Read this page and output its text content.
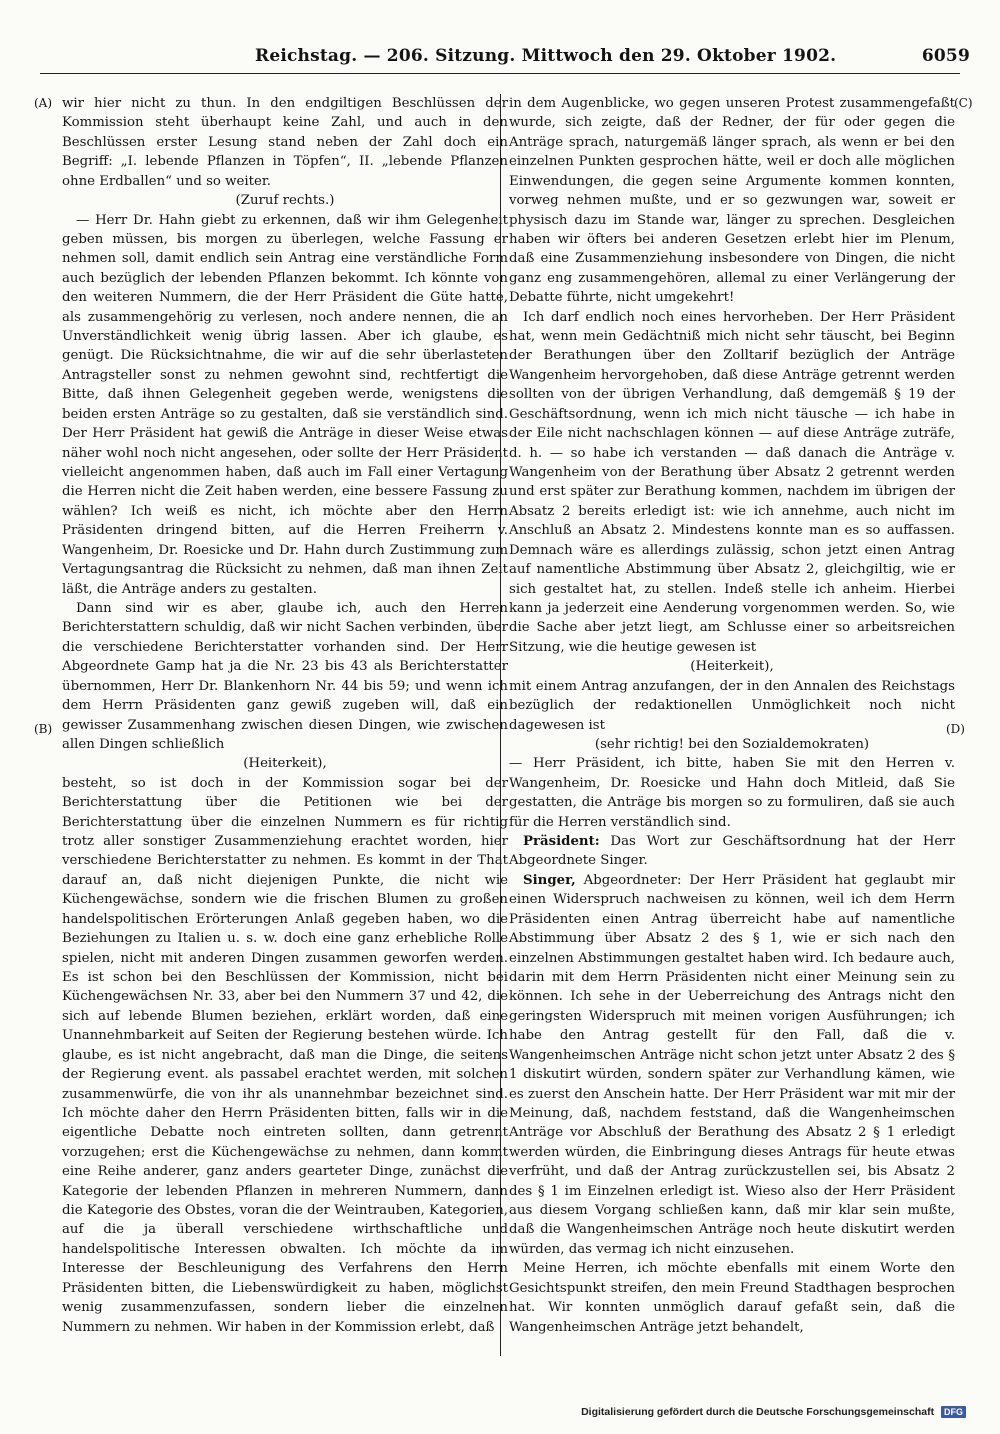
Reichstag. — 206. Sitzung. Mittwoch den 29. Oktober 1902.	6059
(A)
(B)
(C)
(D)

wir hier nicht zu thun. In den endgiltigen Beschlüssen der Kommission steht überhaupt keine Zahl, und auch in den Beschlüssen erster Lesung stand neben der Zahl doch ein Begriff: „I. lebende Pflanzen in Töpfen“, II. „lebende Pflanzen ohne Erdballen“ und so weiter.

(Zuruf rechts.)

— Herr Dr. Hahn giebt zu erkennen, daß wir ihm Gelegenheit geben müssen, bis morgen zu überlegen, welche Fassung er nehmen soll, damit endlich sein Antrag eine verständliche Form auch bezüglich der lebenden Pflanzen bekommt. Ich könnte von den weiteren Nummern, die der Herr Präsident die Güte hatte, als zusammengehörig zu verlesen, noch andere nennen, die an Unverständlichkeit wenig übrig lassen. Aber ich glaube, es genügt. Die Rücksichtnahme, die wir auf die sehr überlasteten Antragsteller sonst zu nehmen gewohnt sind, rechtfertigt die Bitte, daß ihnen Gelegenheit gegeben werde, wenigstens die beiden ersten Anträge so zu gestalten, daß sie verständlich sind. Der Herr Präsident hat gewiß die Anträge in dieser Weise etwas näher wohl noch nicht angesehen, oder sollte der Herr Präsident vielleicht angenommen haben, daß auch im Fall einer Vertagung die Herren nicht die Zeit haben werden, eine bessere Fassung zu wählen? Ich weiß es nicht, ich möchte aber den Herrn Präsidenten dringend bitten, auf die Herren Freiherrn v. Wangenheim, Dr. Roesicke und Dr. Hahn durch Zustimmung zum Vertagungsantrag die Rücksicht zu nehmen, daß man ihnen Zeit läßt, die Anträge anders zu gestalten.

Dann sind wir es aber, glaube ich, auch den Herren Berichterstattern schuldig, daß wir nicht Sachen verbinden, über die verschiedene Berichterstatter vorhanden sind. Der Herr Abgeordnete Gamp hat ja die Nr. 23 bis 43 als Berichterstatter übernommen, Herr Dr. Blankenhorn Nr. 44 bis 59; und wenn ich dem Herrn Präsidenten ganz gewiß zugeben will, daß ein gewisser Zusammenhang zwischen diesen Dingen, wie zwischen allen Dingen schließlich

(Heiterkeit),

besteht, so ist doch in der Kommission sogar bei der Berichterstattung über die Petitionen wie bei der Berichterstattung über die einzelnen Nummern es für richtig trotz aller sonstiger Zusammenziehung erachtet worden, hier verschiedene Berichterstatter zu nehmen. Es kommt in der That darauf an, daß nicht diejenigen Punkte, die nicht wie Küchengewächse, sondern wie die frischen Blumen zu großen handelspolitischen Erörterungen Anlaß gegeben haben, wo die Beziehungen zu Italien u. s. w. doch eine ganz erhebliche Rolle spielen, nicht mit anderen Dingen zusammen geworfen werden. Es ist schon bei den Beschlüssen der Kommission, nicht bei Küchengewächsen Nr. 33, aber bei den Nummern 37 und 42, die sich auf lebende Blumen beziehen, erklärt worden, daß eine Unannehmbarkeit auf Seiten der Regierung bestehen würde. Ich glaube, es ist nicht angebracht, daß man die Dinge, die seitens der Regierung event. als passabel erachtet werden, mit solchen zusammenwürfe, die von ihr als unannehmbar bezeichnet sind. Ich möchte daher den Herrn Präsidenten bitten, falls wir in die eigentliche Debatte noch eintreten sollten, dann getrennt vorzugehen; erst die Küchengewächse zu nehmen, dann kommt eine Reihe anderer, ganz anders gearteter Dinge, zunächst die Kategorie der lebenden Pflanzen in mehreren Nummern, dann die Kategorie des Obstes, voran die der Weintrauben, Kategorien, auf die ja überall verschiedene wirthschaftliche und handelspolitische Interessen obwalten. Ich möchte da im Interesse der Beschleunigung des Verfahrens den Herrn Präsidenten bitten, die Liebenswürdigkeit zu haben, möglichst wenig zusammenzufassen, sondern lieber die einzelnen Nummern zu nehmen. Wir haben in der Kommission erlebt, daß

in dem Augenblicke, wo gegen unseren Protest zusammengefaßt wurde, sich zeigte, daß der Redner, der für oder gegen die Anträge sprach, naturgemäß länger sprach, als wenn er bei den einzelnen Punkten gesprochen hätte, weil er doch alle möglichen Einwendungen, die gegen seine Argumente kommen konnten, vorweg nehmen mußte, und er so gezwungen war, soweit er physisch dazu im Stande war, länger zu sprechen. Desgleichen haben wir öfters bei anderen Gesetzen erlebt hier im Plenum, daß eine Zusammenziehung insbesondere von Dingen, die nicht ganz eng zusammengehören, allemal zu einer Verlängerung der Debatte führte, nicht umgekehrt!

Ich darf endlich noch eines hervorheben. Der Herr Präsident hat, wenn mein Gedächtniß mich nicht sehr täuscht, bei Beginn der Berathungen über den Zolltarif bezüglich der Anträge Wangenheim hervorgehoben, daß diese Anträge getrennt werden sollten von der übrigen Verhandlung, daß demgemäß § 19 der Geschäftsordnung, wenn ich mich nicht täusche — ich habe in der Eile nicht nachschlagen können — auf diese Anträge zuträfe, d. h. — so habe ich verstanden — daß danach die Anträge v. Wangenheim von der Berathung über Absatz 2 getrennt werden und erst später zur Berathung kommen, nachdem im übrigen der Absatz 2 bereits erledigt ist: wie ich annehme, auch nicht im Anschluß an Absatz 2. Mindestens konnte man es so auffassen. Demnach wäre es allerdings zulässig, schon jetzt einen Antrag auf namentliche Abstimmung über Absatz 2, gleichgiltig, wie er sich gestaltet hat, zu stellen. Indeß stelle ich anheim. Hierbei kann ja jederzeit eine Aenderung vorgenommen werden. So, wie die Sache aber jetzt liegt, am Schlusse einer so arbeitsreichen Sitzung, wie die heutige gewesen ist

(Heiterkeit),

mit einem Antrag anzufangen, der in den Annalen des Reichstags bezüglich der redaktionellen Unmöglichkeit noch nicht dagewesen ist

(sehr richtig! bei den Sozialdemokraten)

— Herr Präsident, ich bitte, haben Sie mit den Herren v. Wangenheim, Dr. Roesicke und Hahn doch Mitleid, daß Sie gestatten, die Anträge bis morgen so zu formuliren, daß sie auch für die Herren verständlich sind.

Präsident: Das Wort zur Geschäftsordnung hat der Herr Abgeordnete Singer.

Singer, Abgeordneter: Der Herr Präsident hat geglaubt mir einen Widerspruch nachweisen zu können, weil ich dem Herrn Präsidenten einen Antrag überreicht habe auf namentliche Abstimmung über Absatz 2 des § 1, wie er sich nach den einzelnen Abstimmungen gestaltet haben wird. Ich bedaure auch, darin mit dem Herrn Präsidenten nicht einer Meinung sein zu können. Ich sehe in der Ueberreichung des Antrags nicht den geringsten Widerspruch mit meinen vorigen Ausführungen; ich habe den Antrag gestellt für den Fall, daß die v. Wangenheimschen Anträge nicht schon jetzt unter Absatz 2 des § 1 diskutirt würden, sondern später zur Verhandlung kämen, wie es zuerst den Anschein hatte. Der Herr Präsident war mit mir der Meinung, daß, nachdem feststand, daß die Wangenheimschen Anträge vor Abschluß der Berathung des Absatz 2 § 1 erledigt werden würden, die Einbringung dieses Antrags für heute etwas verfrüht, und daß der Antrag zurückzustellen sei, bis Absatz 2 des § 1 im Einzelnen erledigt ist. Wieso also der Herr Präsident aus diesem Vorgang schließen kann, daß mir klar sein mußte, daß die Wangenheimschen Anträge noch heute diskutirt werden würden, das vermag ich nicht einzusehen.

Meine Herren, ich möchte ebenfalls mit einem Worte den Gesichtspunkt streifen, den mein Freund Stadthagen besprochen hat. Wir konnten unmöglich darauf gefaßt sein, daß die Wangenheimschen Anträge jetzt behandelt,

Digitalisierung gefördert durch die Deutsche Forschungsgemeinschaft DFG
